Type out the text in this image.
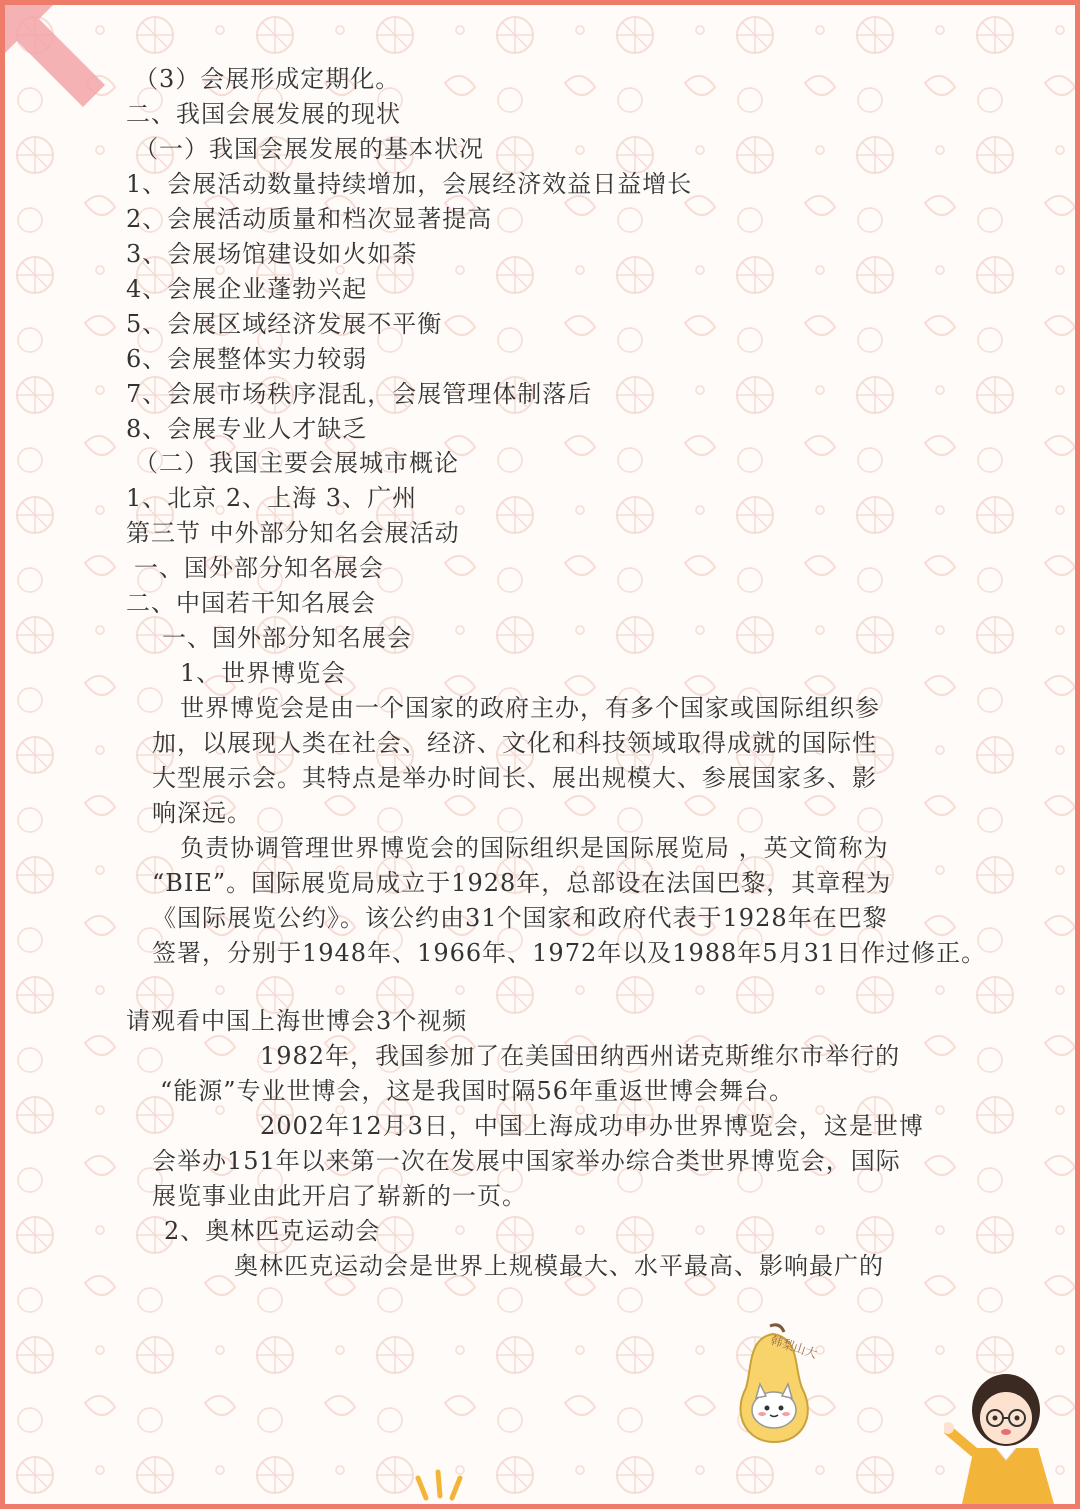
（3）会展形成定期化。
二、我国会展发展的现状
（一）我国会展发展的基本状况
1、会展活动数量持续增加，会展经济效益日益增长
2、会展活动质量和档次显著提高
3、会展场馆建设如火如荼
4、会展企业蓬勃兴起
5、会展区域经济发展不平衡
6、会展整体实力较弱
7、会展市场秩序混乱，会展管理体制落后
8、会展专业人才缺乏
（二）我国主要会展城市概论
1、北京 2、上海 3、广州
第三节 中外部分知名会展活动
一、国外部分知名展会
二、中国若干知名展会
一、国外部分知名展会
1、世界博览会
世界博览会是由一个国家的政府主办，有多个国家或国际组织参
加，以展现人类在社会、经济、文化和科技领域取得成就的国际性
大型展示会。其特点是举办时间长、展出规模大、参展国家多、影
响深远。
负责协调管理世界博览会的国际组织是国际展览局 ，英文简称为
“BIE”。国际展览局成立于1928年，总部设在法国巴黎，其章程为
《国际展览公约》。该公约由31个国家和政府代表于1928年在巴黎
签署，分别于1948年、1966年、1972年以及1988年5月31日作过修正。
请观看中国上海世博会3个视频
1982年，我国参加了在美国田纳西州诺克斯维尔市举行的
“能源”专业世博会，这是我国时隔56年重返世博会舞台。
2002年12月3日，中国上海成功申办世界博览会，这是世博
会举办151年以来第一次在发展中国家举办综合类世界博览会，国际
展览事业由此开启了崭新的一页。
2、奥林匹克运动会
奥林匹克运动会是世界上规模最大、水平最高、影响最广的
韩梨山大
